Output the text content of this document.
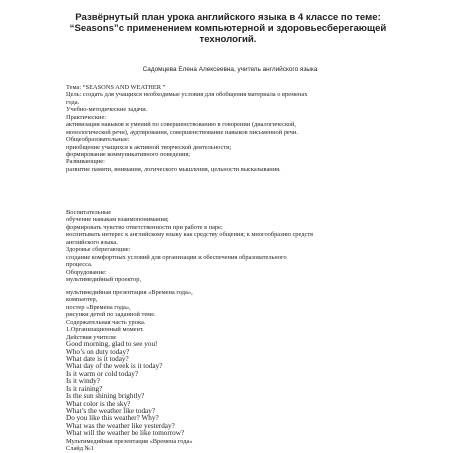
Развёрнутый план урока английского языка в 4 классе по теме:
“Seasons”с применением компьютерной и здоровьесберегающей
технологий.
Садомцева Елена Алексеевна, учитель английского языка
Тема: “SEASONS AND WEATHER ”
Цель: создать для учащихся необходимые условия для обобщения материала о временах
года.
Учебно-методические задачи.
Практические:
активизация навыков и умений по совершенствованию в говорении (диалогической,
монологической речи), аудтирования, совершенствование навыков письменной речи.
Общеобразовательные:
приобщение учащихся к активной творческой деятельности;
формирование коммуникативного поведения;
Развивающие:
развитие памяти, внимания, логического мышления, цельности высказывания.
Воспитательные
обучение навыкам взаимопонимания;
формировать чувство ответственности при работе в паре;
воспитывать интерес к английскому языку как средству общения; к многообразию средств
английского языка.
Здоровье сберегающие:
создание комфортных условий для организации и обеспечения образовательного
процесса.
Оборудование:
мультимедийный проектор,
мультимедийная презентация «Времена года»,
компьютер,
постер «Времена года»,
рисунки детей по заданной теме.
Содержательная часть урока.
1.Организационный момент.
Действия учителя:
Good morning, glad to see you!
Who’s on duty today?
What date is it today?
What day of the week is it today?
Is it warm or cold today?
Is it windy?
Is it raining?
Is the sun shining brightly?
What color is the sky?
What’s the weather like today?
Do you like this weather? Why?
What was the weather like yesterday?
What will the weather be like tomorrow?
Мультимедийная презентация «Времена года»
Слайд №1
